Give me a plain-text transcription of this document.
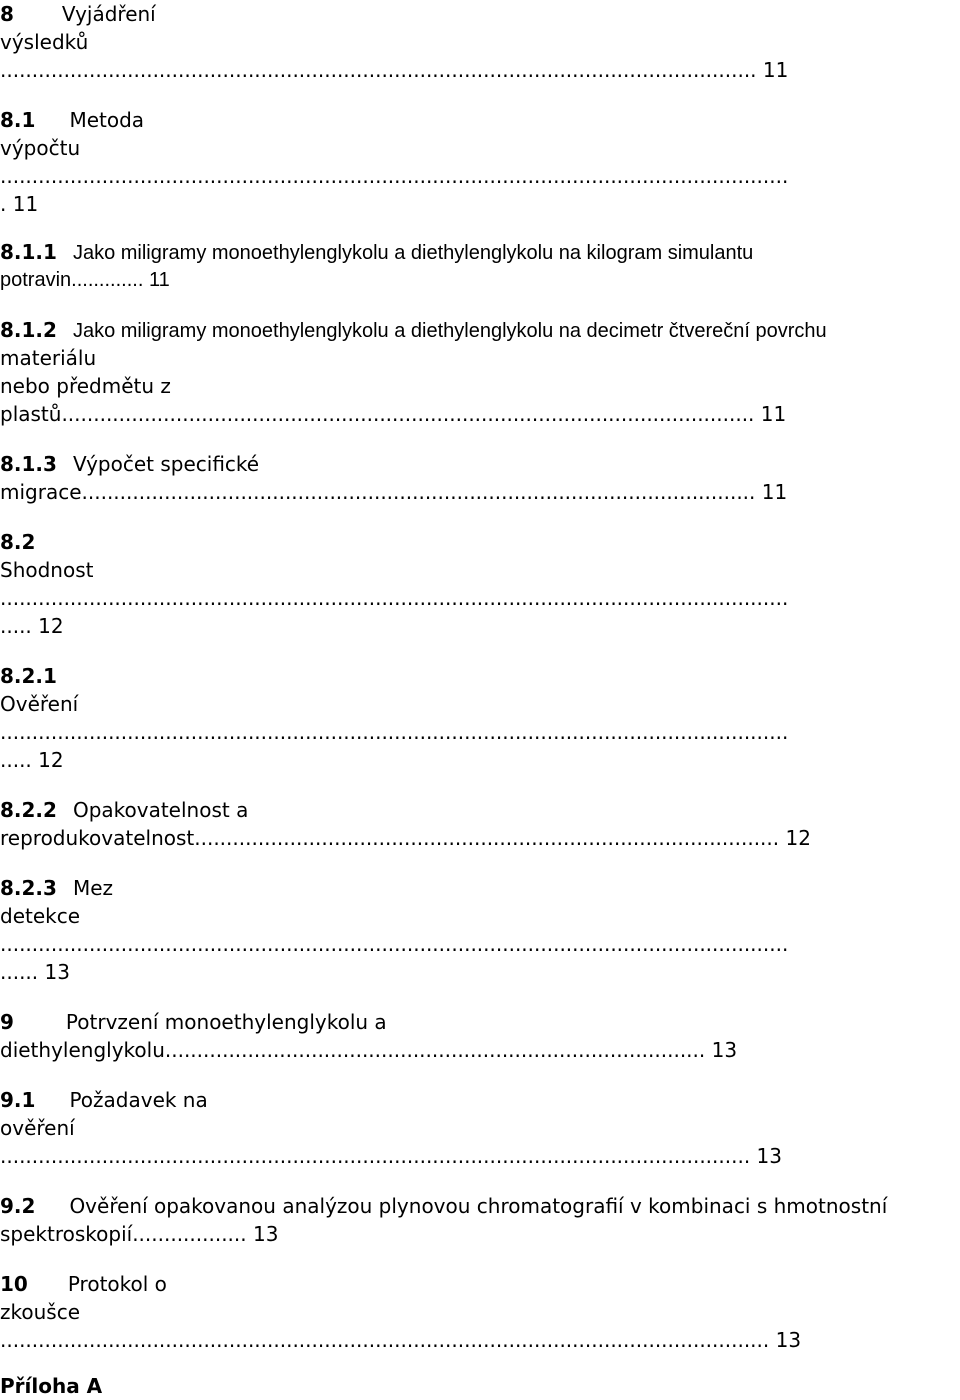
8 Vyjádření
výsledků
....................................................................................................................... 11
8.1 Metoda
výpočtu
............................................................................................................................
. 11
8.1.1 Jako miligramy monoethylenglykolu a diethylenglykolu na kilogram simulantu
potravin............. 11
8.1.2 Jako miligramy monoethylenglykolu a diethylenglykolu na decimetr čtvereční povrchu
materiálu
nebo předmětu z
plastů............................................................................................................. 11
8.1.3 Výpočet specifické
migrace.......................................................................................................... 11
8.2
Shodnost
............................................................................................................................
..... 12
8.2.1
Ověření
............................................................................................................................
..... 12
8.2.2 Opakovatelnost a
reprodukovatelnost............................................................................................ 12
8.2.3 Mez
detekce
............................................................................................................................
...... 13
9	Potrvzení monoethylenglykolu a
diethylenglykolu..................................................................................... 13
9.1 Požadavek na
ověření
...................................................................................................................... 13
9.2 Ověření opakovanou analýzou plynovou chromatografií v kombinaci s hmotnostní
spektroskopií.................. 13
10 Protokol o
zkoušce
......................................................................................................................... 13
Příloha A
